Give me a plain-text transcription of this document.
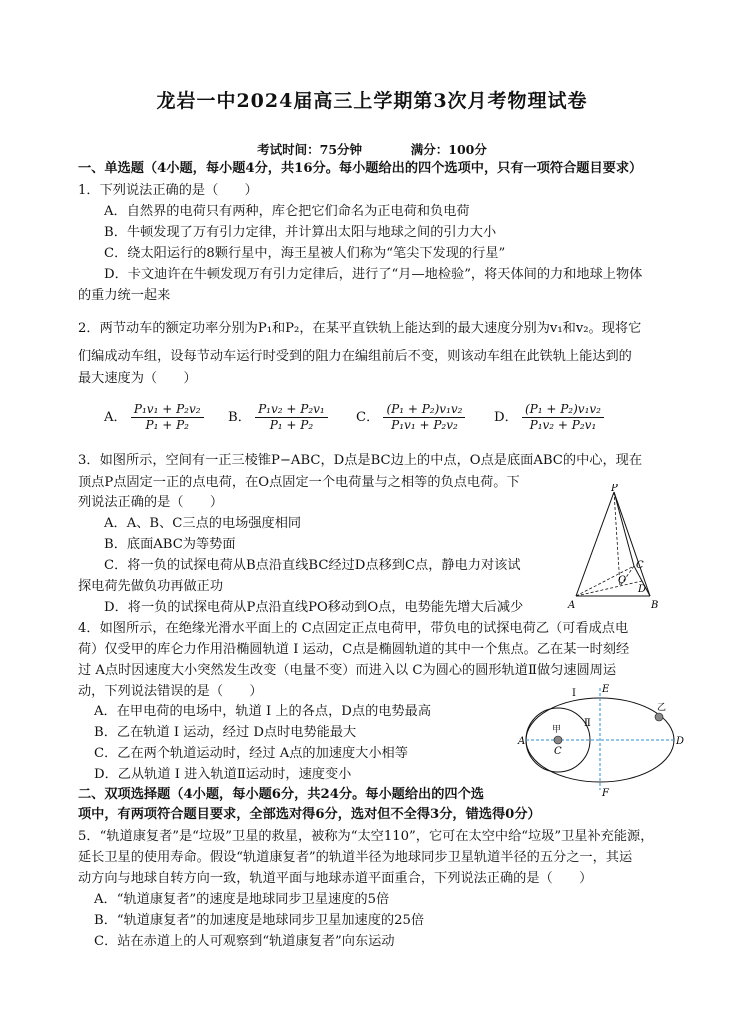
龙岩一中2024届高三上学期第3次月考物理试卷
考试时间：75分钟	满分：100分
一、单选题（4小题，每小题4分，共16分。每小题给出的四个选项中，只有一项符合题目要求）
1．下列说法正确的是（　　）
A．自然界的电荷只有两种，库仑把它们命名为正电荷和负电荷
B．牛顿发现了万有引力定律，并计算出太阳与地球之间的引力大小
C．绕太阳运行的8颗行星中，海王星被人们称为“笔尖下发现的行星”
D．卡文迪许在牛顿发现万有引力定律后，进行了“月—地检验”，将天体间的力和地球上物体
的重力统一起来
2．两节动车的额定功率分别为P₁和P₂，在某平直铁轨上能达到的最大速度分别为v₁和v₂。现将它
们编成动车组，设每节动车运行时受到的阻力在编组前后不变，则该动车组在此铁轨上能达到的
最大速度为（　　）
A． $\frac{\text{P₁v₁ + P₂v₂}}{\text{P₁ + P₂}}$ B． $\frac{\text{P₁v₂ + P₂v₁}}{\text{P₁ + P₂}}$ C． $\frac{\text{(P₁ + P₂)v₁v₂}}{\text{P₁v₁ + P₂v₂}}$ D． $\frac{\text{(P₁ + P₂)v₁v₂}}{\text{P₁v₂ + P₂v₁}}$
3．如图所示，空间有一正三棱锥P−ABC，D点是BC边上的中点，O点是底面ABC的中心，现在
顶点P点固定一正的点电荷，在O点固定一个电荷量与之相等的负点电荷。下
列说法正确的是（　　）
A．A、B、C三点的电场强度相同
B．底面ABC为等势面
C．将一负的试探电荷从B点沿直线BC经过D点移到C点，静电力对该试
探电荷先做负功再做正功
D．将一负的试探电荷从P点沿直线PO移动到O点，电势能先增大后减少
P
A	B
C
D
O
4．如图所示，在绝缘光滑水平面上的 C点固定正点电荷甲，带负电的试探电荷乙（可看成点电
荷）仅受甲的库仑力作用沿椭圆轨道 Ⅰ 运动，C点是椭圆轨道的其中一个焦点。乙在某一时刻经
过 A点时因速度大小突然发生改变（电量不变）而进入以 C为圆心的圆形轨道Ⅱ做匀速圆周运
动，下列说法错误的是（　　）
A．在甲电荷的电场中，轨道 Ⅰ 上的各点，D点的电势最高
B．乙在轨道 Ⅰ 运动，经过 D点时电势能最大
C．乙在两个轨道运动时，经过 A点的加速度大小相等
D．乙从轨道 Ⅰ 进入轨道Ⅱ运动时，速度变小
Ⅰ
Ⅱ
E
F
A
C
D
甲
乙
二、双项选择题（4小题，每小题6分，共24分。每小题给出的四个选
项中，有两项符合题目要求，全部选对得6分，选对但不全得3分，错选得0分）
5．“轨道康复者”是“垃圾”卫星的救星，被称为“太空110”，它可在太空中给“垃圾”卫星补充能源，
延长卫星的使用寿命。假设“轨道康复者”的轨道半径为地球同步卫星轨道半径的五分之一，其运
动方向与地球自转方向一致，轨道平面与地球赤道平面重合，下列说法正确的是（　　）
A．“轨道康复者”的速度是地球同步卫星速度的5倍
B．“轨道康复者”的加速度是地球同步卫星加速度的25倍
C．站在赤道上的人可观察到“轨道康复者”向东运动
